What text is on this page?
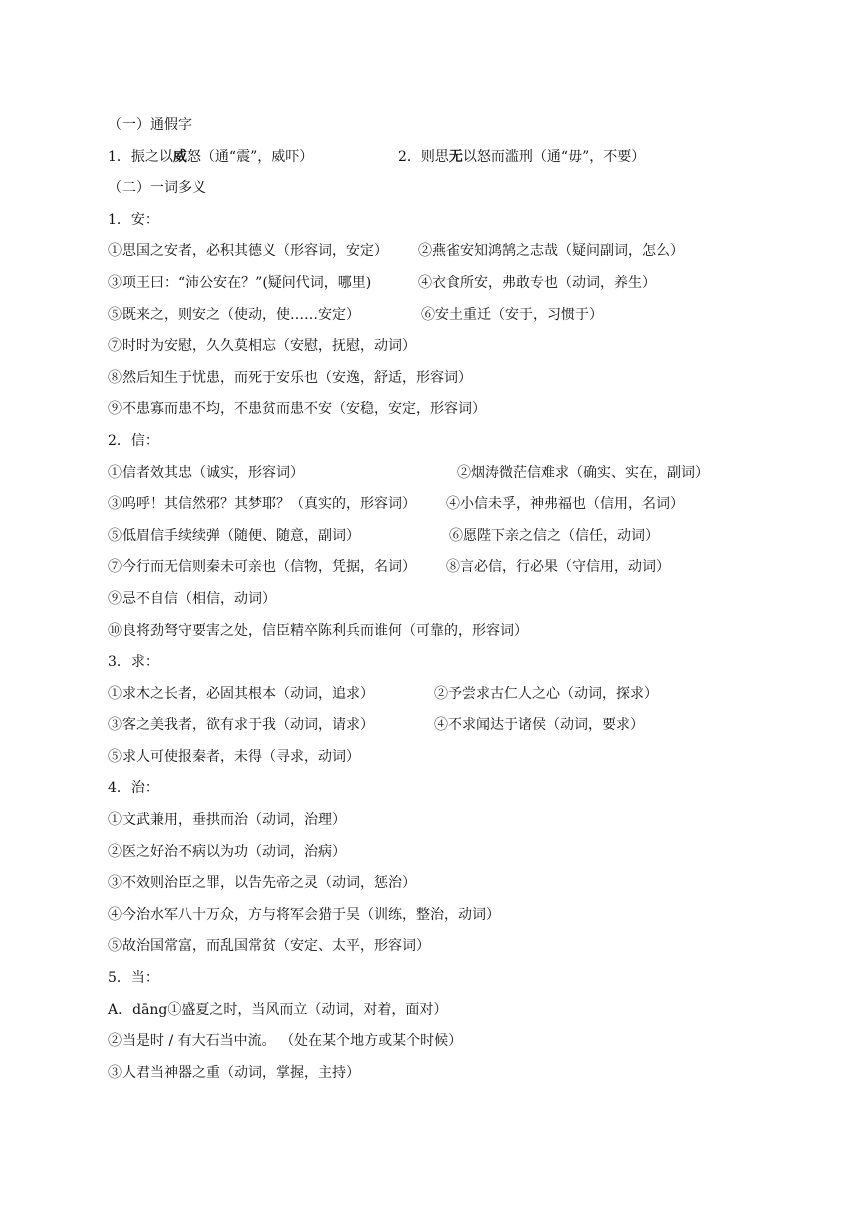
（一）通假字
1．振之以威怒（通“震”，威吓）	2．则思无以怒而滥刑（通“毋”，不要）
（二）一词多义
1．安：
①思国之安者，必积其德义（形容词，安定） ②燕雀安知鸿鹄之志哉（疑问副词，怎么）
③项王曰：“沛公安在？”(疑问代词，哪里)	④衣食所安，弗敢专也（动词，养生）
⑤既来之，则安之（使动，使……安定）	⑥安土重迁（安于，习惯于）
⑦时时为安慰，久久莫相忘（安慰，抚慰，动词）
⑧然后知生于忧患，而死于安乐也（安逸，舒适，形容词）
⑨不患寡而患不均，不患贫而患不安（安稳，安定，形容词）
2．信：
①信者效其忠（诚实，形容词）	②烟涛微茫信难求（确实、实在，副词）
③呜呼！其信然邪？其梦耶？（真实的，形容词） ④小信未孚，神弗福也（信用，名词）
⑤低眉信手续续弹（随便、随意，副词）	⑥愿陛下亲之信之（信任，动词）
⑦今行而无信则秦未可亲也（信物，凭据，名词） ⑧言必信，行必果（守信用，动词）
⑨忌不自信（相信，动词）
⑩良将劲弩守要害之处，信臣精卒陈利兵而谁何（可靠的，形容词）
3．求：
①求木之长者，必固其根本（动词，追求）	②予尝求古仁人之心（动词，探求）
③客之美我者，欲有求于我（动词，请求）	④不求闻达于诸侯（动词，要求）
⑤求人可使报秦者，未得（寻求，动词）
4．治：
①文武兼用，垂拱而治（动词，治理）
②医之好治不病以为功（动词，治病）
③不效则治臣之罪，以告先帝之灵（动词，惩治）
④今治水军八十万众，方与将军会猎于吴（训练，整治，动词）
⑤故治国常富，而乱国常贫（安定、太平，形容词）
5．当：
A．dāng①盛夏之时，当风而立（动词，对着，面对）
②当是时 / 有大石当中流。 （处在某个地方或某个时候）
③人君当神器之重（动词，掌握，主持）
